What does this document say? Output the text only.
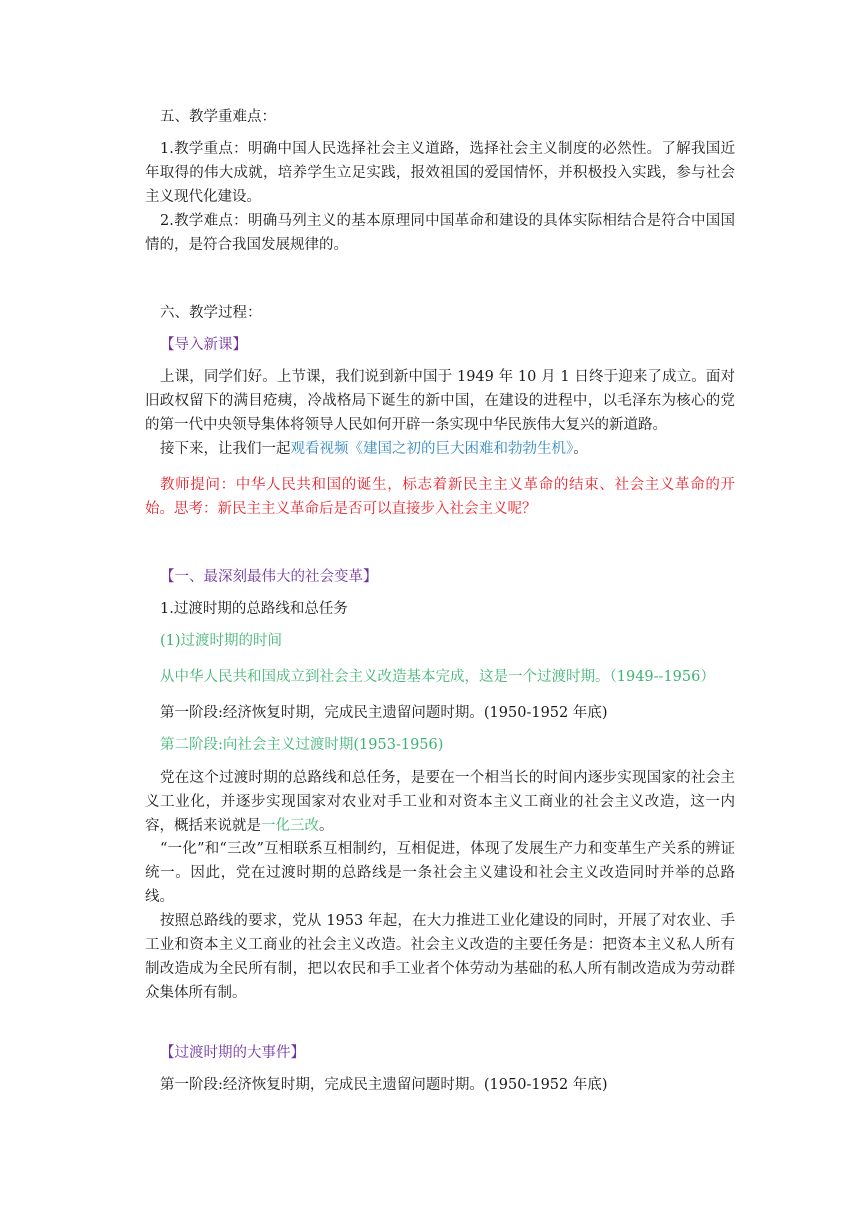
五、教学重难点：

1.教学重点：明确中国人民选择社会主义道路，选择社会主义制度的必然性。了解我国近年取得的伟大成就，培养学生立足实践，报效祖国的爱国情怀，并积极投入实践，参与社会主义现代化建设。

2.教学难点：明确马列主义的基本原理同中国革命和建设的具体实际相结合是符合中国国情的，是符合我国发展规律的。

六、教学过程：

【导入新课】

上课，同学们好。上节课，我们说到新中国于 1949 年 10 月 1 日终于迎来了成立。面对旧政权留下的满目疮痍，冷战格局下诞生的新中国，在建设的进程中，以毛泽东为核心的党的第一代中央领导集体将领导人民如何开辟一条实现中华民族伟大复兴的新道路。

接下来，让我们一起观看视频《建国之初的巨大困难和勃勃生机》。

教师提问：中华人民共和国的诞生，标志着新民主主义革命的结束、社会主义革命的开始。思考：新民主主义革命后是否可以直接步入社会主义呢？

【一、最深刻最伟大的社会变革】

1.过渡时期的总路线和总任务

(1)过渡时期的时间

从中华人民共和国成立到社会主义改造基本完成，这是一个过渡时期。（1949--1956）

第一阶段:经济恢复时期，完成民主遗留问题时期。(1950-1952 年底)

第二阶段:向社会主义过渡时期(1953-1956)

党在这个过渡时期的总路线和总任务，是要在一个相当长的时间内逐步实现国家的社会主义工业化，并逐步实现国家对农业对手工业和对资本主义工商业的社会主义改造，这一内容，概括来说就是一化三改。

“一化”和“三改”互相联系互相制约，互相促进，体现了发展生产力和变革生产关系的辨证统一。因此，党在过渡时期的总路线是一条社会主义建设和社会主义改造同时并举的总路线。

按照总路线的要求，党从 1953 年起，在大力推进工业化建设的同时，开展了对农业、手工业和资本主义工商业的社会主义改造。社会主义改造的主要任务是：把资本主义私人所有制改造成为全民所有制，把以农民和手工业者个体劳动为基础的私人所有制改造成为劳动群众集体所有制。

【过渡时期的大事件】

第一阶段:经济恢复时期，完成民主遗留问题时期。(1950-1952 年底)
